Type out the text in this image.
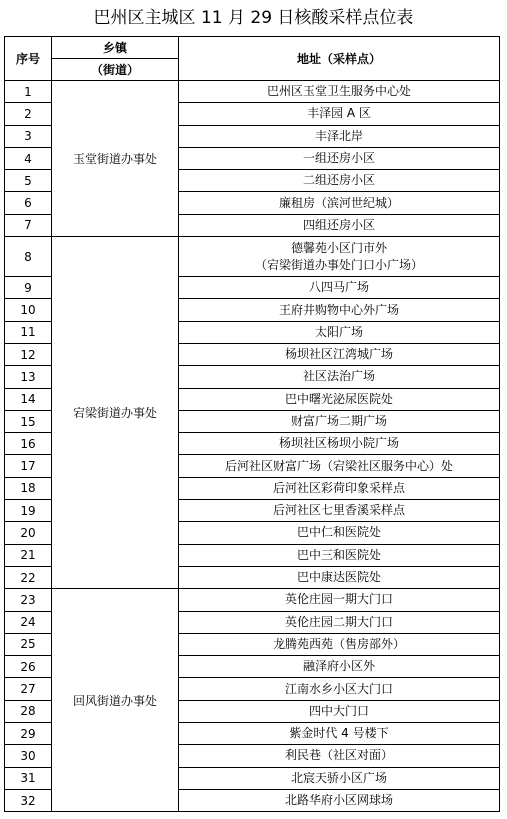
巴州区主城区 11 月 29 日核酸采样点位表
序号	乡镇	地址（采样点）
	（街道）	
1	玉堂街道办事处	巴州区玉堂卫生服务中心处
2		丰泽园 A 区
3		丰泽北岸
4		一组还房小区
5		二组还房小区
6		廉租房（滨河世纪城）
7		四组还房小区
8	宕梁街道办事处	德馨苑小区门市外
（宕梁街道办事处门口小广场）
9		八四马广场
10		王府井购物中心外广场
11		太阳广场
12		杨坝社区江湾城广场
13		社区法治广场
14		巴中曙光泌尿医院处
15		财富广场二期广场
16		杨坝社区杨坝小院广场
17		后河社区财富广场（宕梁社区服务中心）处
18		后河社区彩荷印象采样点
19		后河社区七里香溪采样点
20		巴中仁和医院处
21		巴中三和医院处
22		巴中康达医院处
23	回风街道办事处	英伦庄园一期大门口
24		英伦庄园二期大门口
25		龙腾苑西苑（售房部外）
26		融泽府小区外
27		江南水乡小区大门口
28		四中大门口
29		紫金时代 4 号楼下
30		利民巷（社区对面）
31		北宸天骄小区广场
32		北路华府小区网球场
